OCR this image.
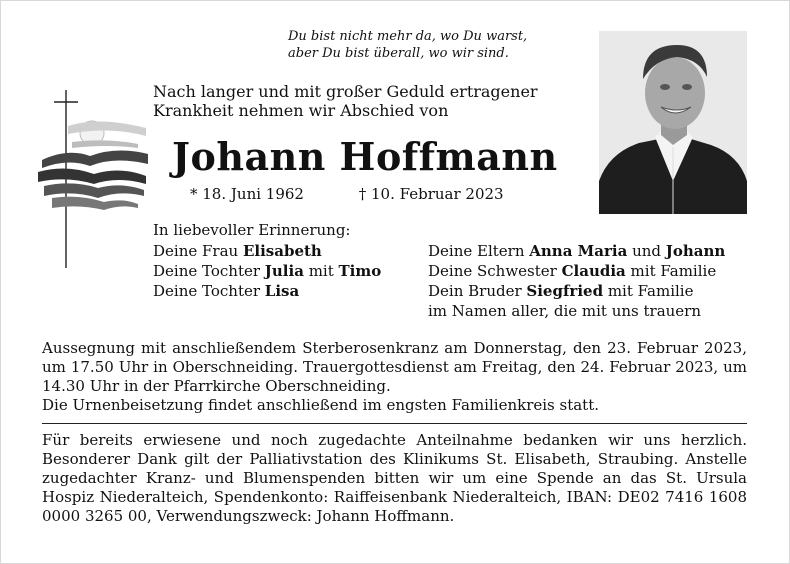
Du bist nicht mehr da, wo Du warst,
aber Du bist überall, wo wir sind.
Nach langer und mit großer Geduld ertragener
Krankheit nehmen wir Abschied von
Johann Hoffmann
* 18. Juni 1962	† 10. Februar 2023
In liebevoller Erinnerung:
Deine Frau Elisabeth
Deine Tochter Julia mit Timo
Deine Tochter Lisa
Deine Eltern Anna Maria und Johann
Deine Schwester Claudia mit Familie
Dein Bruder Siegfried mit Familie
im Namen aller, die mit uns trauern

Aussegnung mit anschließendem Sterberosenkranz am Donnerstag, den 23. Februar 2023, um 17.50 Uhr in Oberschneiding. Trauergottesdienst am Freitag, den 24. Februar 2023, um 14.30 Uhr in der Pfarrkirche Oberschneiding.

Die Urnenbeisetzung findet anschließend im engsten Familienkreis statt.

Für bereits erwiesene und noch zugedachte Anteilnahme bedanken wir uns herzlich. Besonderer Dank gilt der Palliativstation des Klinikums St. Elisabeth, Straubing. Anstelle zugedachter Kranz- und Blumenspenden bitten wir um eine Spende an das St. Ursula Hospiz Niederalteich, Spendenkonto: Raiffeisenbank Niederalteich, IBAN: DE02 7416 1608 0000 3265 00, Verwendungszweck: Johann Hoffmann.
